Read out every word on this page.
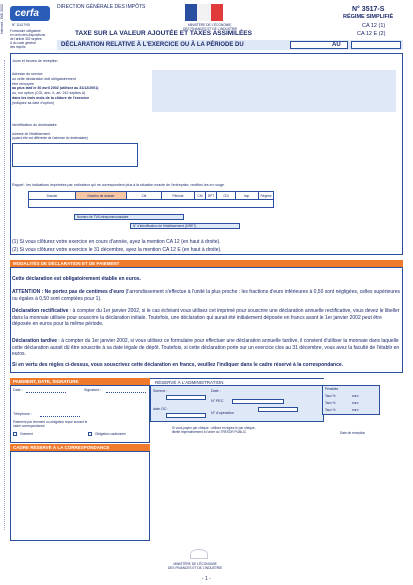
Internet - DGI 2002
cerfa
N° 11417*05
Formulaire obligatoire
en vertu des dispositions
de l'article 302 septies
A du code général
des impôts
DIRECTION GÉNÉRALE DES IMPÔTS
MINISTÈRE DE L'ÉCONOMIE,
DES FINANCES ET DE L'INDUSTRIE
N° 3517-S
RÉGIME SIMPLIFIÉ
CA 12 (1)
CA 12 E (2)
TAXE SUR LA VALEUR AJOUTÉE ET TAXES ASSIMILÉES
DÉCLARATION RELATIVE À L'EXERCICE OU À LA PÉRIODE DU	AU
Jours et heures de réception
Adresse du service
où cette déclaration doit obligatoirement
être renvoyée
au plus tard le 30 avril 2002 (utilisez au 31/12/2001)
ou, sur option (CGI, ann. II, art. 242 septies A)
dans les trois mois de la clôture de l'exercice
(indiquez sa date d'option)
Identification du destinataire
Adresse de l'établissement
(quand elle est différente de l'adresse du destinataire)
Rappel : les indications imprimées par ordinateur qui ne correspondent plus à la situation exacte de l'entreprise, rectifiez-les en rouge.
Dossier	Numéro de dossier	Clé	Période	CM	DPT	CDI	Imp.	Régime
Numéro de TVA intracommunautaire
N° d'identification de l'établissement (SIRET)
(1) Si vous clôturez votre exercice en cours d'année, ayez la mention CA 12 (en haut à droite).
(2) Si vous clôturez votre exercice le 31 décembre, ayez la mention CA 12 E (en haut à droite).
MODALITÉS DE DÉCLARATION ET DE PAIEMENT
Cette déclaration est obligatoirement établie en euros.
ATTENTION : Ne portez pas de centimes d'euro (l'arrondissement s'effectue à l'unité la plus proche : les fractions d'euro inférieures à 0,50 sont négligées, celles supérieures ou égales à 0,50 sont comptées pour 1).
Déclaration rectificative : à compter du 1er janvier 2002, si le cas échéant vous utilisez cet imprimé pour souscrire une déclaration annuelle rectificative, vous devez le libeller dans la monnaie utilisée pour souscrire la déclaration initiale. Toutefois, une déclaration qui aurait été initialement déposée en francs avant le 1er janvier 2002 peut être déposée en euros pour la même période.
Déclaration tardive : à compter du 1er janvier 2002, si vous utilisez ce formulaire pour effectuer une déclaration annuelle tardive, il convient d'utiliser la monnaie dans laquelle cette déclaration aurait dû être souscrite à sa date légale de dépôt. Toutefois, si cette déclaration porte sur un exercice clos au 31 décembre, vous avez la faculté de l'établir en euros.
Si en vertu des règles ci-dessus, vous souscrivez cette déclaration en francs, veuillez l'indiquer dans le cadre réservé à la correspondance.
PAIEMENT, DATE, SIGNATURE
Date :	Signature :
Téléphone :
Paiement par virement ou obligation reçue suivant le cadre correspondance
Virement	Obligation cautionnée
CADRE RÉSERVÉ À LA CORRESPONDANCE
RÉSERVÉ À L'ADMINISTRATION
Somme :	Date :
N° PEC
date OC :
N° d'opération
Si vous payez par chèque : utilisez et réglez-le par chèque,
libellé impérativement à l'ordre du TRÉSOR PUBLIC
Pénalités
Taux %	euro
Taux %	euro
Taux %	euro
Date de réception
MINISTÈRE DE L'ÉCONOMIE
DES FINANCES ET DE L'INDUSTRIE
- 1 -
